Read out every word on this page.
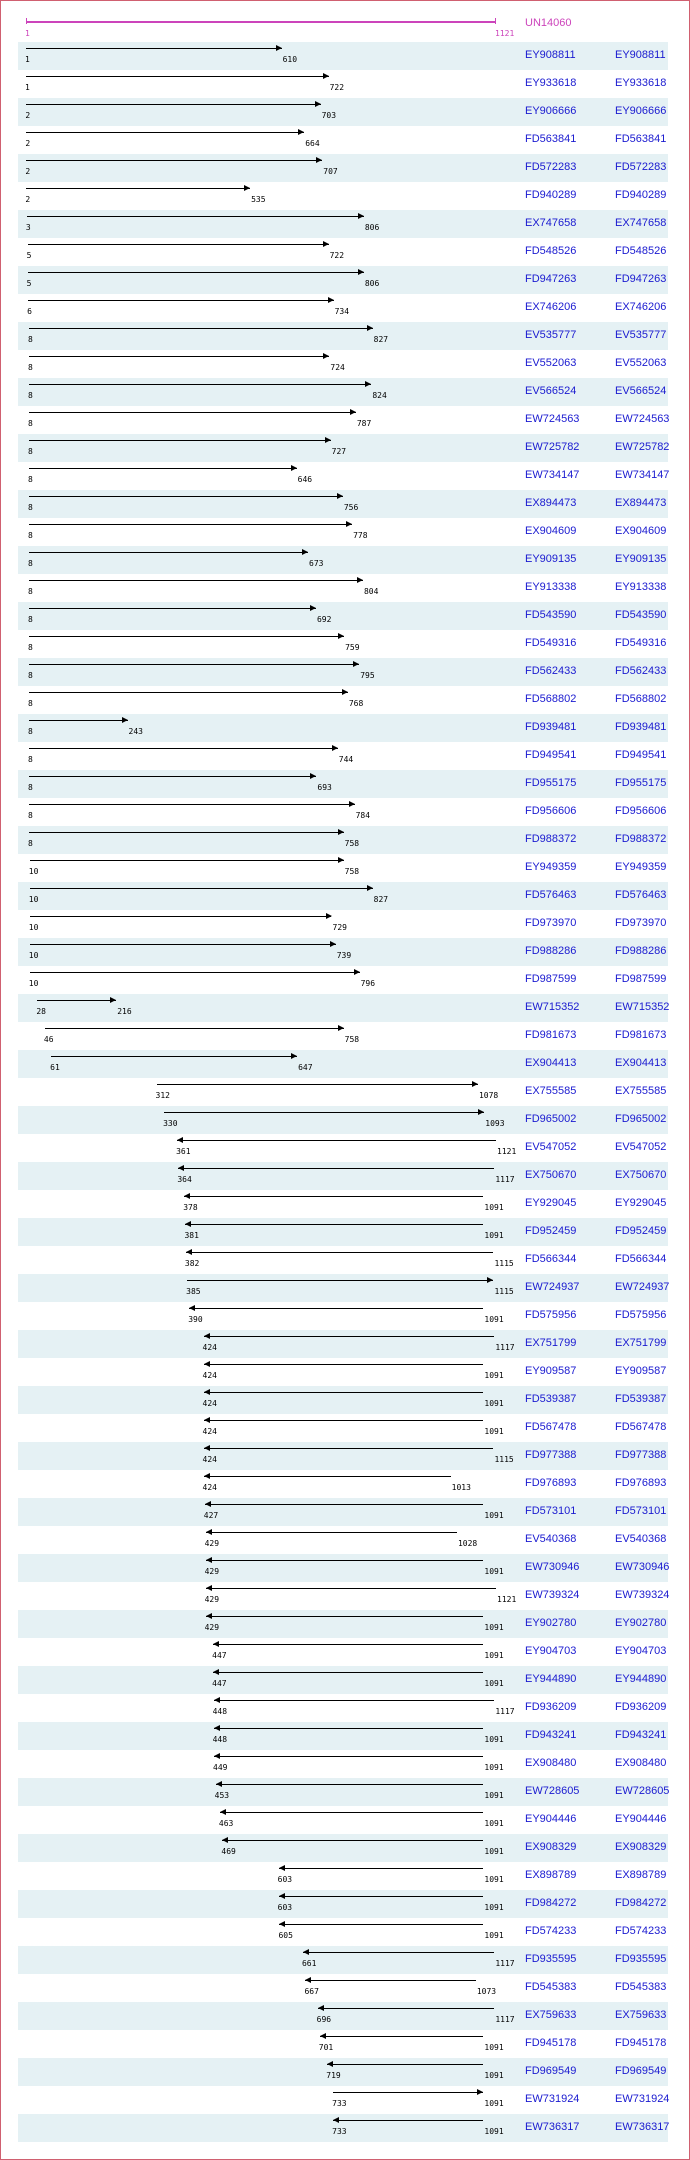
1	1121
UN14060
1	610	EY908811	EY908811
1	722	EY933618	EY933618
2	703	EY906666	EY906666
2	664	FD563841	FD563841
2	707	FD572283	FD572283
2	535	FD940289	FD940289
3	806	EX747658	EX747658
5	722	FD548526	FD548526
5	806	FD947263	FD947263
6	734	EX746206	EX746206
8	827	EV535777	EV535777
8	724	EV552063	EV552063
8	824	EV566524	EV566524
8	787	EW724563	EW724563
8	727	EW725782	EW725782
8	646	EW734147	EW734147
8	756	EX894473	EX894473
8	778	EX904609	EX904609
8	673	EY909135	EY909135
8	804	EY913338	EY913338
8	692	FD543590	FD543590
8	759	FD549316	FD549316
8	795	FD562433	FD562433
8	768	FD568802	FD568802
8	243	FD939481	FD939481
8	744	FD949541	FD949541
8	693	FD955175	FD955175
8	784	FD956606	FD956606
8	758	FD988372	FD988372
10	758	EY949359	EY949359
10	827	FD576463	FD576463
10	729	FD973970	FD973970
10	739	FD988286	FD988286
10	796	FD987599	FD987599
28	216	EW715352	EW715352
46	758	FD981673	FD981673
61	647	EX904413	EX904413
312	1078 EX755585	EX755585
330	1093 FD965002	FD965002
361	1121 EV547052	EV547052
364	1117 EX750670	EX750670
378	1091 EY929045	EY929045
381	1091 FD952459	FD952459
382	1115 FD566344	FD566344
385	1115 EW724937	EW724937
390	1091 FD575956	FD575956
424	1117 EX751799	EX751799
424	1091 EY909587	EY909587
424	1091 FD539387	FD539387
424	1091 FD567478	FD567478
424	1115 FD977388	FD977388
424	1013	FD976893	FD976893
427	1091 FD573101	FD573101
429	1028	EV540368	EV540368
429	1091 EW730946	EW730946
429	1121 EW739324	EW739324
429	1091 EY902780	EY902780
447	1091 EY904703	EY904703
447	1091 EY944890	EY944890
448	1117 FD936209	FD936209
448	1091 FD943241	FD943241
449	1091 EX908480	EX908480
453	1091 EW728605	EW728605
463	1091 EY904446	EY904446
469	1091 EX908329	EX908329
603	1091 EX898789	EX898789
603	1091 FD984272	FD984272
605	1091 FD574233	FD574233
661	1117 FD935595	FD935595
667	1073	FD545383	FD545383
696	1117 EX759633	EX759633
701	1091 FD945178	FD945178
719	1091 FD969549	FD969549
733	1091 EW731924	EW731924
733	1091 EW736317	EW736317
